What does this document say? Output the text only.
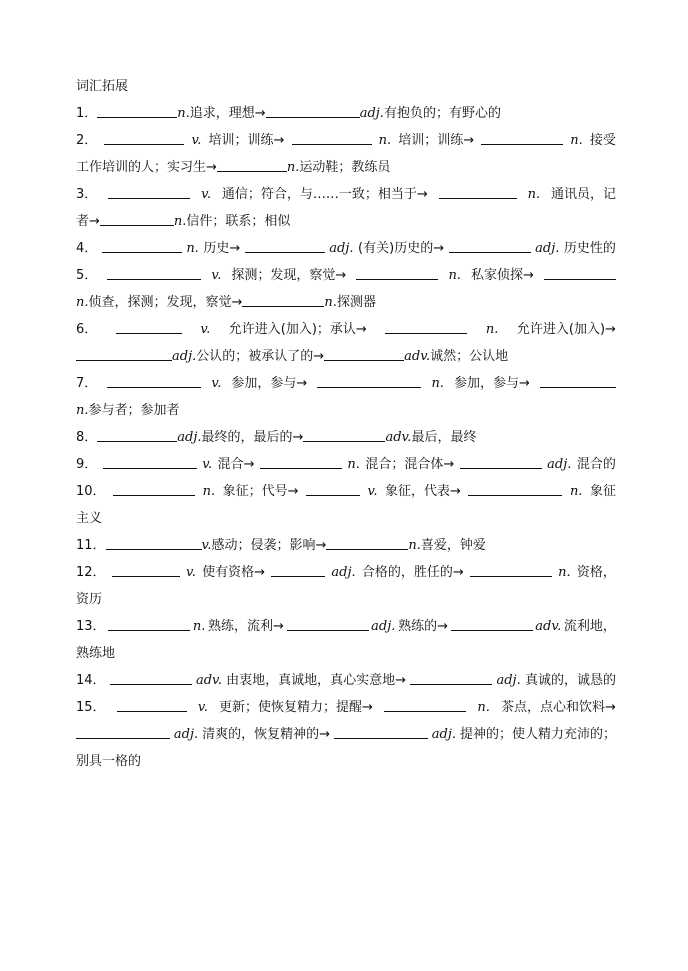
词汇拓展
1．	n.追求，理想→	adj.有抱负的；有野心的
2．	v. 培训；训练→	n. 培训；训练→	n. 接受
工作培训的人；实习生→	n.运动鞋；教练员
3．	v. 通信；符合，与……一致；相当于→	n. 通讯员，记
者→	n.信件；联系；相似
4．	n. 历史→	adj. (有关)历史的→	adj. 历史性的
5．	v. 探测；发现，察觉→	n. 私家侦探→
n.侦查，探测；发现，察觉→	n.探测器
6．	v. 允许进入(加入)；承认→	n. 允许进入(加入)→
adj.公认的；被承认了的→	adv.诚然；公认地
7．	v. 参加，参与→	n. 参加，参与→
n.参与者；参加者
8．	adj.最终的，最后的→	adv.最后，最终
9．	v. 混合→	n. 混合；混合体→	adj. 混合的
10．	n. 象征；代号→	v. 象征，代表→	n. 象征
主义
11．	v.感动；侵袭；影响→	n.喜爱，钟爱
12．	v. 使有资格→	adj. 合格的，胜任的→	n. 资格，
资历
13．	n. 熟练，流利→	adj. 熟练的→	adv. 流利地，
熟练地
14．	adv. 由衷地，真诚地，真心实意地→	adj. 真诚的，诚恳的
15．	v. 更新；使恢复精力；提醒→	n. 茶点，点心和饮料→
adj. 清爽的，恢复精神的→	adj. 提神的；使人精力充沛的；
别具一格的
